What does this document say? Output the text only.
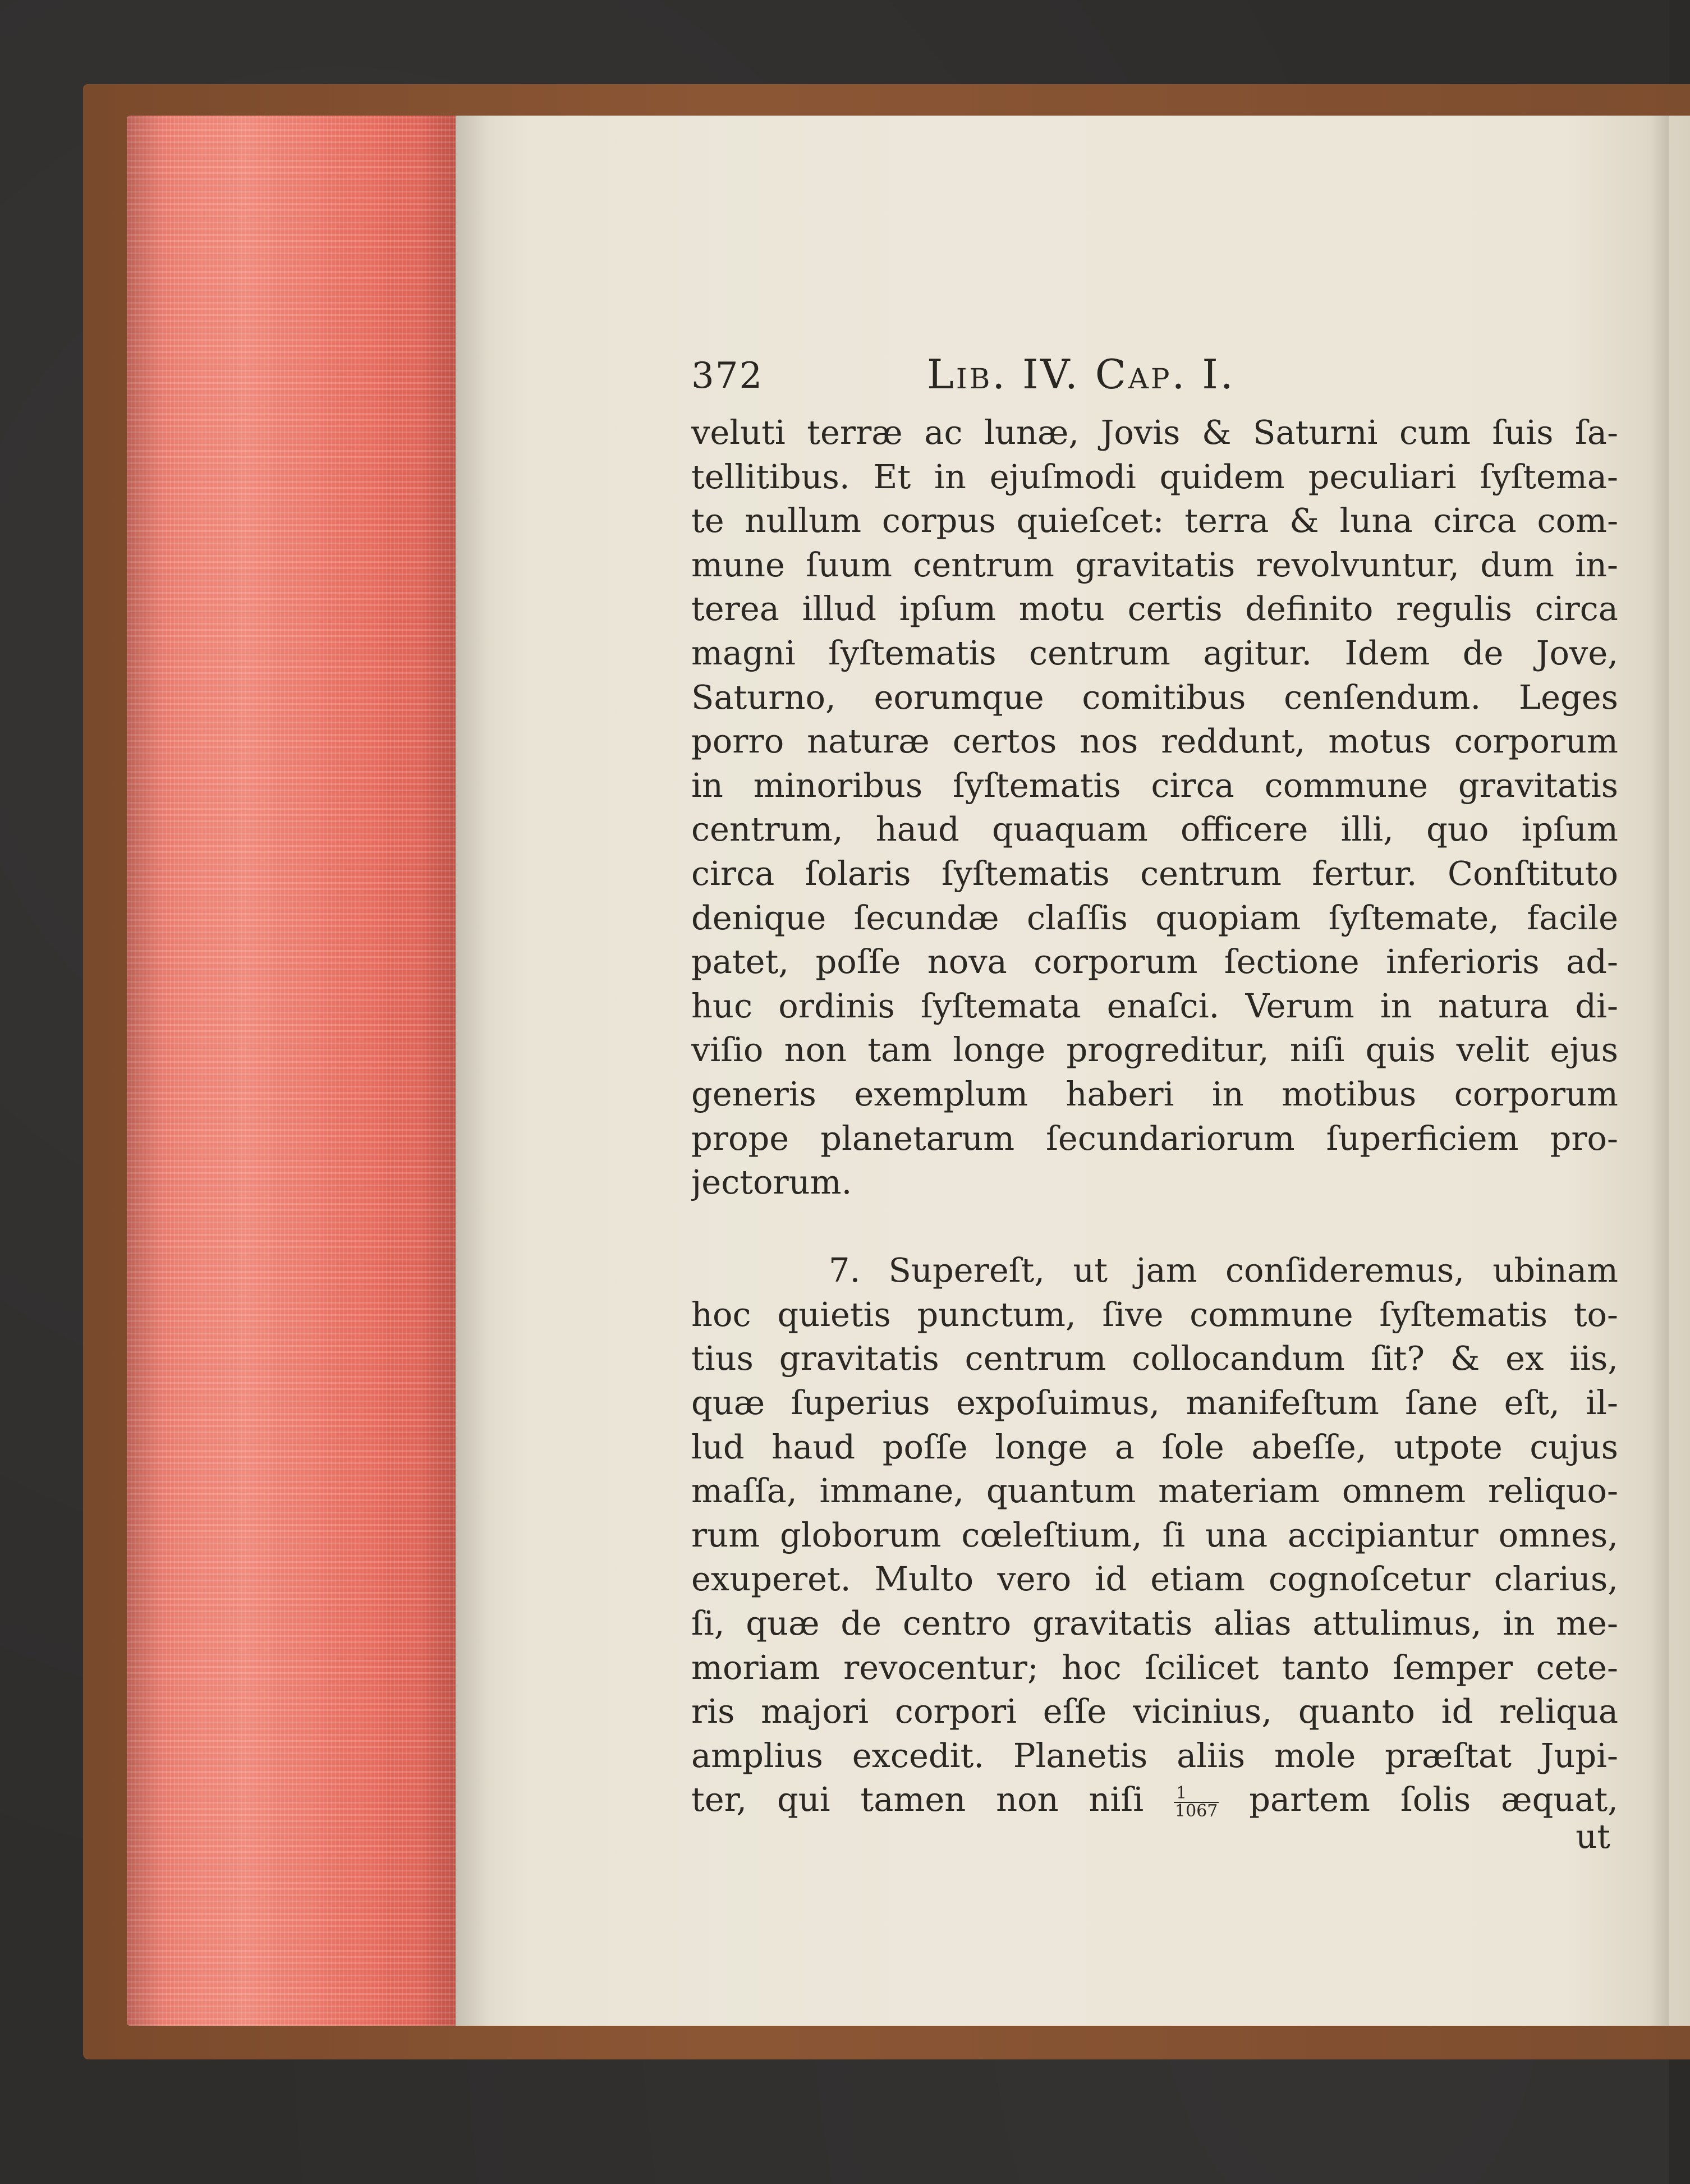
372	Lib. IV. Cap. I.
veluti terræ ac lunæ, Jovis & Saturni cum ſuis ſa-
tellitibus. Et in ejuſmodi quidem peculiari ſyſtema-
te nullum corpus quieſcet: terra & luna circa com-
mune ſuum centrum gravitatis revolvuntur, dum in-
terea illud ipſum motu certis definito regulis circa
magni ſyſtematis centrum agitur. Idem de Jove,
Saturno, eorumque comitibus cenſendum. Leges
porro naturæ certos nos reddunt, motus corporum
in minoribus ſyſtematis circa commune gravitatis
centrum, haud quaquam officere illi, quo ipſum
circa ſolaris ſyſtematis centrum fertur. Conſtituto
denique ſecundæ claſſis quopiam ſyſtemate, facile
patet, poſſe nova corporum ſectione inferioris ad-
huc ordinis ſyſtemata enaſci. Verum in natura di-
viſio non tam longe progreditur, niſi quis velit ejus
generis exemplum haberi in motibus corporum
prope planetarum ſecundariorum ſuperficiem pro-
jectorum.
7. Supereſt, ut jam conſideremus, ubinam
hoc quietis punctum, ſive commune ſyſtematis to-
tius gravitatis centrum collocandum ſit? & ex iis,
quæ ſuperius expoſuimus, manifeſtum ſane eſt, il-
lud haud poſſe longe a ſole abeſſe, utpote cujus
maſſa, immane, quantum materiam omnem reliquo-
rum globorum cœleſtium, ſi una accipiantur omnes,
exuperet. Multo vero id etiam cognoſcetur clarius,
ſi, quæ de centro gravitatis alias attulimus, in me-
moriam revocentur; hoc ſcilicet tanto ſemper cete-
ris majori corpori eſſe vicinius, quanto id reliqua
amplius excedit. Planetis aliis mole præſtat Jupi-
ter, qui tamen non niſi $\frac{1}{1067}$ partem ſolis æquat,
ut
